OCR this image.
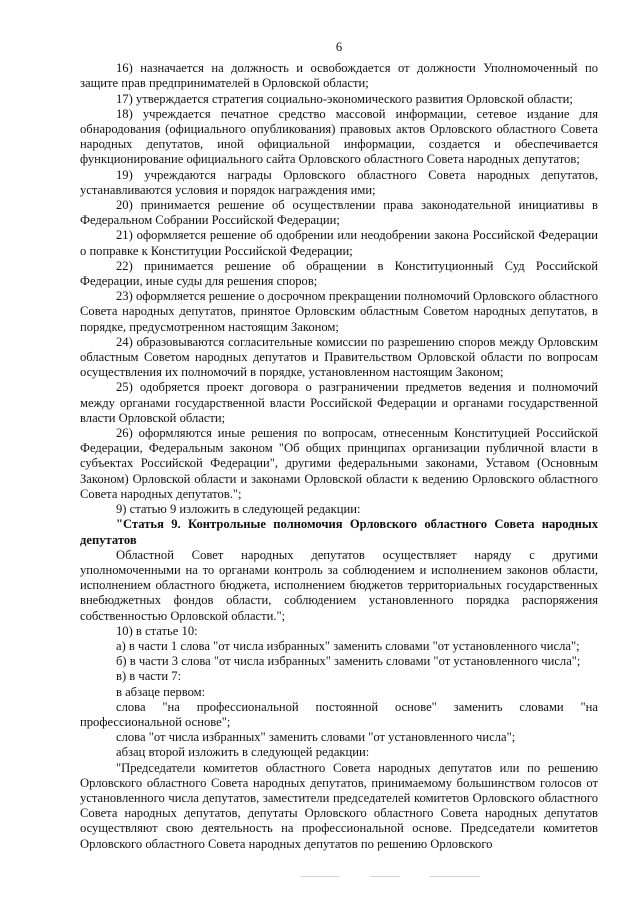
6

16) назначается на должность и освобождается от должности Уполномоченный по защите прав предпринимателей в Орловской области;

17) утверждается стратегия социально-экономического развития Орловской области;

18) учреждается печатное средство массовой информации, сетевое издание для обнародования (официального опубликования) правовых актов Орловского областного Совета народных депутатов, иной официальной информации, создается и обеспечивается функционирование официального сайта Орловского областного Совета народных депутатов;

19) учреждаются награды Орловского областного Совета народных депутатов, устанавливаются условия и порядок награждения ими;

20) принимается решение об осуществлении права законодательной инициативы в Федеральном Собрании Российской Федерации;

21) оформляется решение об одобрении или неодобрении закона Российской Федерации о поправке к Конституции Российской Федерации;

22) принимается решение об обращении в Конституционный Суд Российской Федерации, иные суды для решения споров;

23) оформляется решение о досрочном прекращении полномочий Орловского областного Совета народных депутатов, принятое Орловским областным Советом народных депутатов, в порядке, предусмотренном настоящим Законом;

24) образовываются согласительные комиссии по разрешению споров между Орловским областным Советом народных депутатов и Правительством Орловской области по вопросам осуществления их полномочий в порядке, установленном настоящим Законом;

25) одобряется проект договора о разграничении предметов ведения и полномочий между органами государственной власти Российской Федерации и органами государственной власти Орловской области;

26) оформляются иные решения по вопросам, отнесенным Конституцией Российской Федерации, Федеральным законом "Об общих принципах организации публичной власти в субъектах Российской Федерации", другими федеральными законами, Уставом (Основным Законом) Орловской области и законами Орловской области к ведению Орловского областного Совета народных депутатов.";

9) статью 9 изложить в следующей редакции:

"Статья 9. Контрольные полномочия Орловского областного Совета народных депутатов

Областной Совет народных депутатов осуществляет наряду с другими уполномоченными на то органами контроль за соблюдением и исполнением законов области, исполнением областного бюджета, исполнением бюджетов территориальных государственных внебюджетных фондов области, соблюдением установленного порядка распоряжения собственностью Орловской области.";

10) в статье 10:

а) в части 1 слова "от числа избранных" заменить словами "от установленного числа";

б) в части 3 слова "от числа избранных" заменить словами "от установленного числа";

в) в части 7:

в абзаце первом:

слова "на профессиональной постоянной основе" заменить словами "на профессиональной основе";

слова "от числа избранных" заменить словами "от установленного числа";

абзац второй изложить в следующей редакции:

"Председатели комитетов областного Совета народных депутатов или по решению Орловского областного Совета народных депутатов, принимаемому большинством голосов от установленного числа депутатов, заместители председателей комитетов Орловского областного Совета народных депутатов, депутаты Орловского областного Совета народных депутатов осуществляют свою деятельность на профессиональной основе. Председатели комитетов Орловского областного Совета народных депутатов по решению Орловского
